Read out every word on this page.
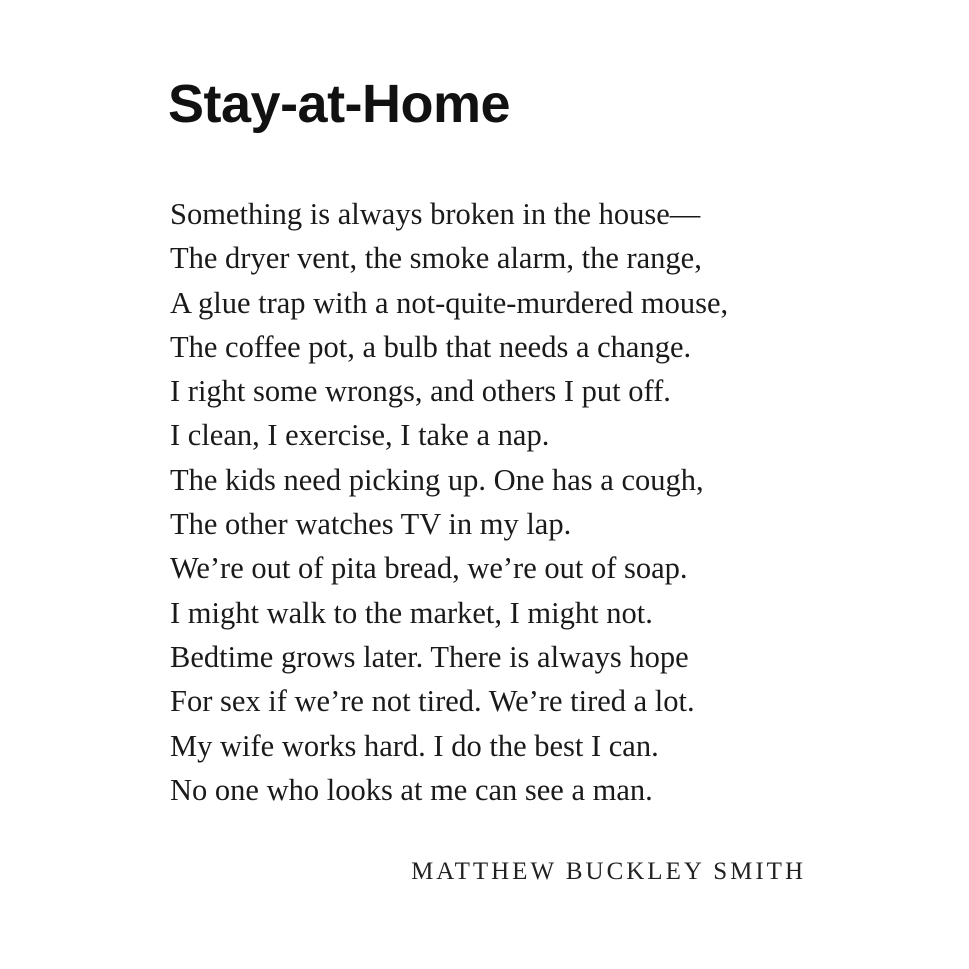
Stay-at-Home
Something is always broken in the house—
The dryer vent, the smoke alarm, the range,
A glue trap with a not-quite-murdered mouse,
The coffee pot, a bulb that needs a change.
I right some wrongs, and others I put off.
I clean, I exercise, I take a nap.
The kids need picking up. One has a cough,
The other watches TV in my lap.
We’re out of pita bread, we’re out of soap.
I might walk to the market, I might not.
Bedtime grows later. There is always hope
For sex if we’re not tired. We’re tired a lot.
My wife works hard. I do the best I can.
No one who looks at me can see a man.
MATTHEW BUCKLEY SMITH
